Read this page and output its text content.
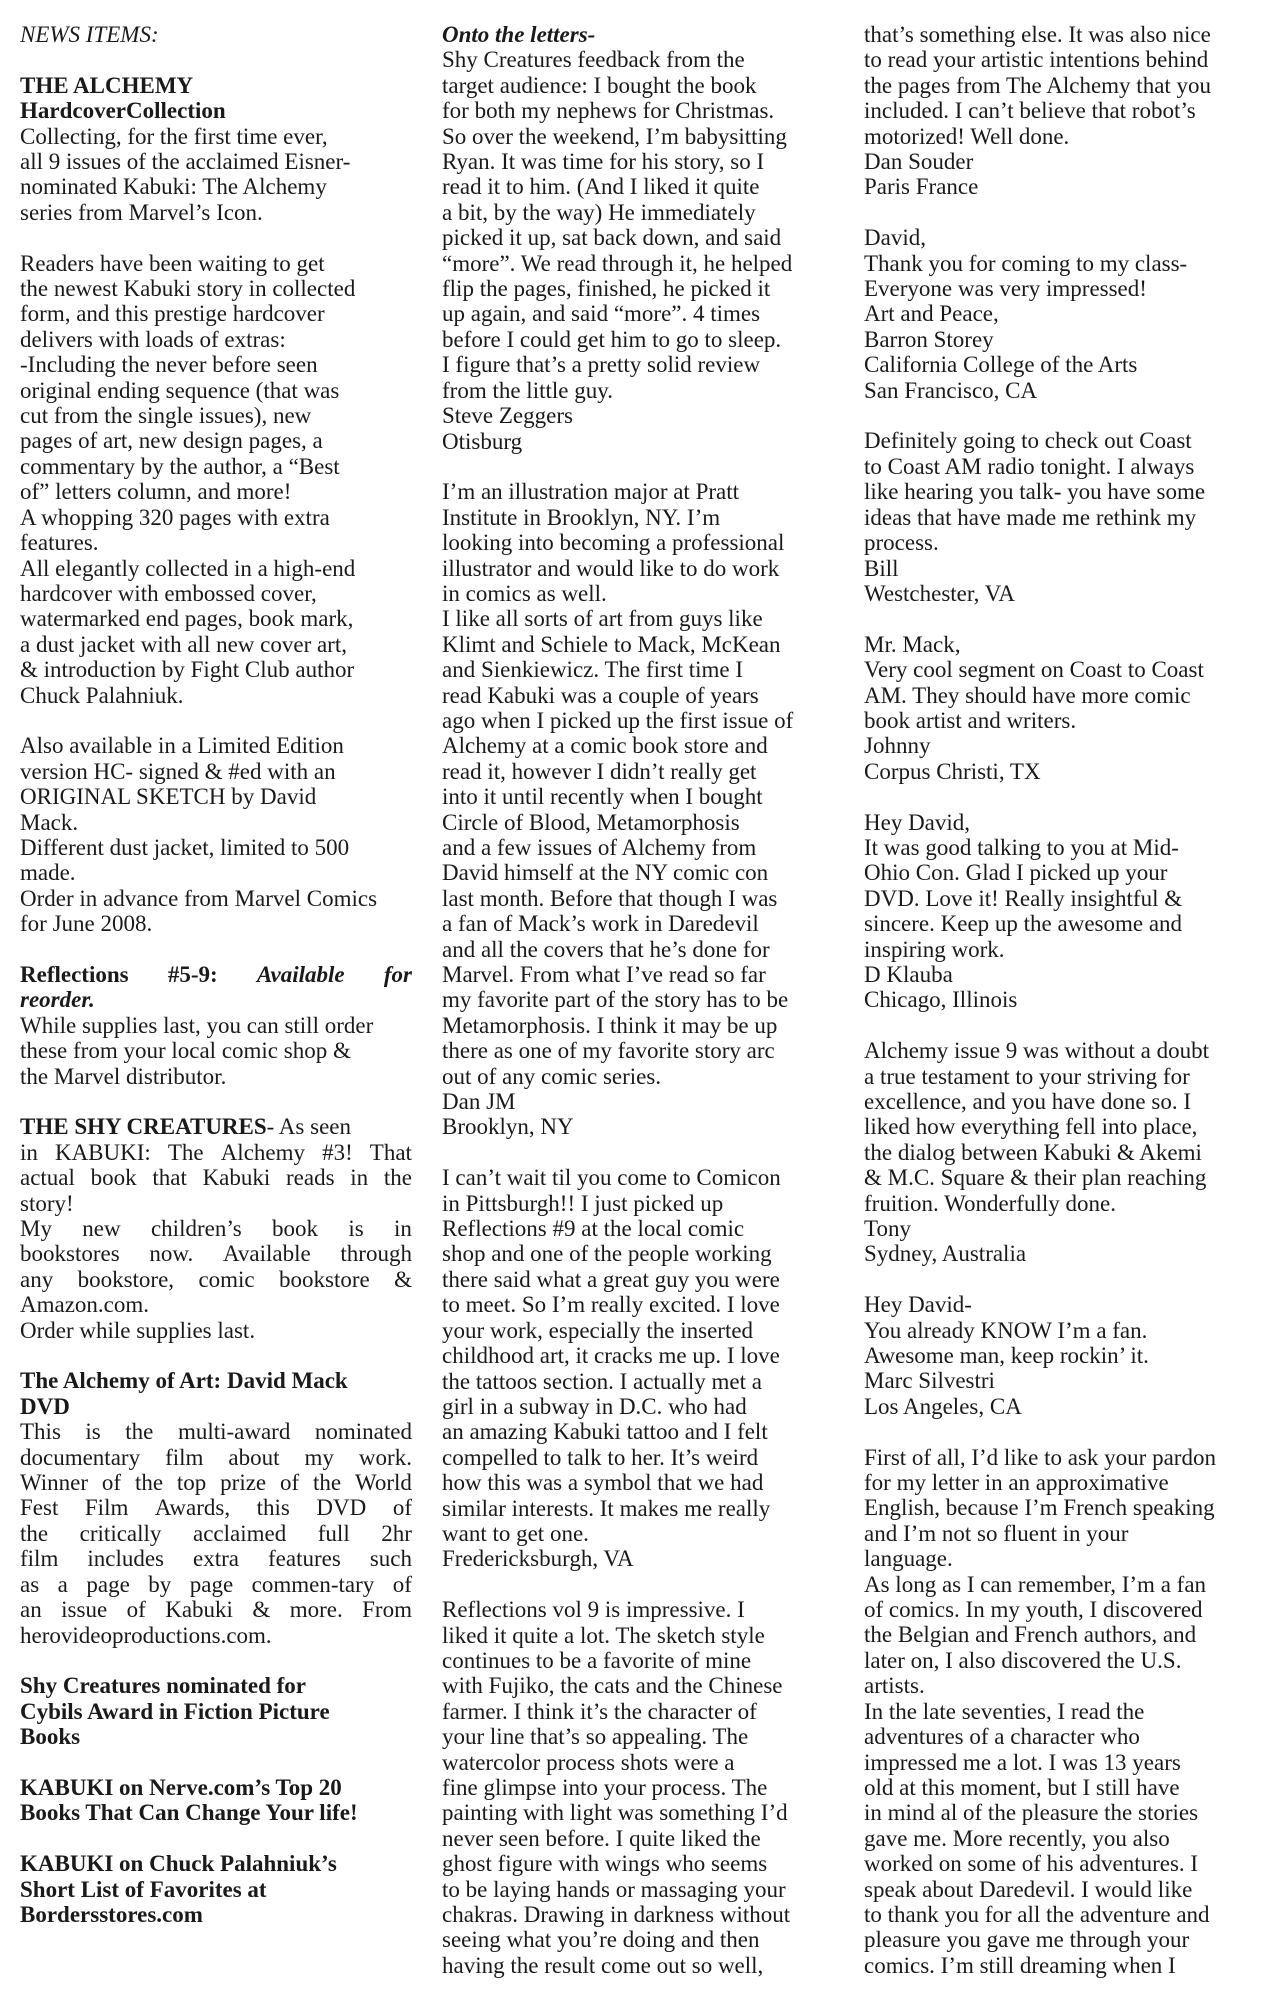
NEWS ITEMS:
THE ALCHEMY
HardcoverCollection
Collecting, for the first time ever,
all 9 issues of the acclaimed Eisner-
nominated Kabuki: The Alchemy
series from Marvel’s Icon.
Readers have been waiting to get
the newest Kabuki story in collected
form, and this prestige hardcover
delivers with loads of extras:
-Including the never before seen
original ending sequence (that was
cut from the single issues), new
pages of art, new design pages, a
commentary by the author, a “Best
of” letters column, and more!
A whopping 320 pages with extra
features.
All elegantly collected in a high-end
hardcover with embossed cover,
watermarked end pages, book mark,
a dust jacket with all new cover art,
& introduction by Fight Club author
Chuck Palahniuk.
Also available in a Limited Edition
version HC- signed & #ed with an
ORIGINAL SKETCH by David
Mack.
Different dust jacket, limited to 500
made.
Order in advance from Marvel Comics
for June 2008.
Reflections #5-9: Available for
reorder.
While supplies last, you can still order
these from your local comic shop &
the Marvel distributor.
THE SHY CREATURES- As seen
in KABUKI: The Alchemy #3! That
actual book that Kabuki reads in the
story!
My new children’s book is in
bookstores now. Available through
any bookstore, comic bookstore &
Amazon.com.
Order while supplies last.
The Alchemy of Art: David Mack
DVD
This is the multi-award nominated
documentary film about my work.
Winner of the top prize of the World
Fest Film Awards, this DVD of
the critically acclaimed full 2hr
film includes extra features such
as a page by page commen-tary of
an issue of Kabuki & more. From
herovideoproductions.com.
Shy Creatures nominated for
Cybils Award in Fiction Picture
Books
KABUKI on Nerve.com’s Top 20
Books That Can Change Your life!
KABUKI on Chuck Palahniuk’s
Short List of Favorites at
Bordersstores.com
Onto the letters-
Shy Creatures feedback from the
target audience: I bought the book
for both my nephews for Christmas.
So over the weekend, I’m babysitting
Ryan. It was time for his story, so I
read it to him. (And I liked it quite
a bit, by the way) He immediately
picked it up, sat back down, and said
“more”. We read through it, he helped
flip the pages, finished, he picked it
up again, and said “more”. 4 times
before I could get him to go to sleep.
I figure that’s a pretty solid review
from the little guy.
Steve Zeggers
Otisburg
I’m an illustration major at Pratt
Institute in Brooklyn, NY. I’m
looking into becoming a professional
illustrator and would like to do work
in comics as well.
I like all sorts of art from guys like
Klimt and Schiele to Mack, McKean
and Sienkiewicz. The first time I
read Kabuki was a couple of years
ago when I picked up the first issue of
Alchemy at a comic book store and
read it, however I didn’t really get
into it until recently when I bought
Circle of Blood, Metamorphosis
and a few issues of Alchemy from
David himself at the NY comic con
last month. Before that though I was
a fan of Mack’s work in Daredevil
and all the covers that he’s done for
Marvel. From what I’ve read so far
my favorite part of the story has to be
Metamorphosis. I think it may be up
there as one of my favorite story arc
out of any comic series.
Dan JM
Brooklyn, NY
I can’t wait til you come to Comicon
in Pittsburgh!! I just picked up
Reflections #9 at the local comic
shop and one of the people working
there said what a great guy you were
to meet. So I’m really excited. I love
your work, especially the inserted
childhood art, it cracks me up. I love
the tattoos section. I actually met a
girl in a subway in D.C. who had
an amazing Kabuki tattoo and I felt
compelled to talk to her. It’s weird
how this was a symbol that we had
similar interests. It makes me really
want to get one.
Fredericksburgh, VA
Reflections vol 9 is impressive. I
liked it quite a lot. The sketch style
continues to be a favorite of mine
with Fujiko, the cats and the Chinese
farmer. I think it’s the character of
your line that’s so appealing. The
watercolor process shots were a
fine glimpse into your process. The
painting with light was something I’d
never seen before. I quite liked the
ghost figure with wings who seems
to be laying hands or massaging your
chakras. Drawing in darkness without
seeing what you’re doing and then
having the result come out so well,
that’s something else. It was also nice
to read your artistic intentions behind
the pages from The Alchemy that you
included. I can’t believe that robot’s
motorized! Well done.
Dan Souder
Paris France
David,
Thank you for coming to my class-
Everyone was very impressed!
Art and Peace,
Barron Storey
California College of the Arts
San Francisco, CA
Definitely going to check out Coast
to Coast AM radio tonight. I always
like hearing you talk- you have some
ideas that have made me rethink my
process.
Bill
Westchester, VA
Mr. Mack,
Very cool segment on Coast to Coast
AM. They should have more comic
book artist and writers.
Johnny
Corpus Christi, TX
Hey David,
It was good talking to you at Mid-
Ohio Con. Glad I picked up your
DVD. Love it! Really insightful &
sincere. Keep up the awesome and
inspiring work.
D Klauba
Chicago, Illinois
Alchemy issue 9 was without a doubt
a true testament to your striving for
excellence, and you have done so. I
liked how everything fell into place,
the dialog between Kabuki & Akemi
& M.C. Square & their plan reaching
fruition. Wonderfully done.
Tony
Sydney, Australia
Hey David-
You already KNOW I’m a fan.
Awesome man, keep rockin’ it.
Marc Silvestri
Los Angeles, CA
First of all, I’d like to ask your pardon
for my letter in an approximative
English, because I’m French speaking
and I’m not so fluent in your
language.
As long as I can remember, I’m a fan
of comics. In my youth, I discovered
the Belgian and French authors, and
later on, I also discovered the U.S.
artists.
In the late seventies, I read the
adventures of a character who
impressed me a lot. I was 13 years
old at this moment, but I still have
in mind al of the pleasure the stories
gave me. More recently, you also
worked on some of his adventures. I
speak about Daredevil. I would like
to thank you for all the adventure and
pleasure you gave me through your
comics. I’m still dreaming when I
